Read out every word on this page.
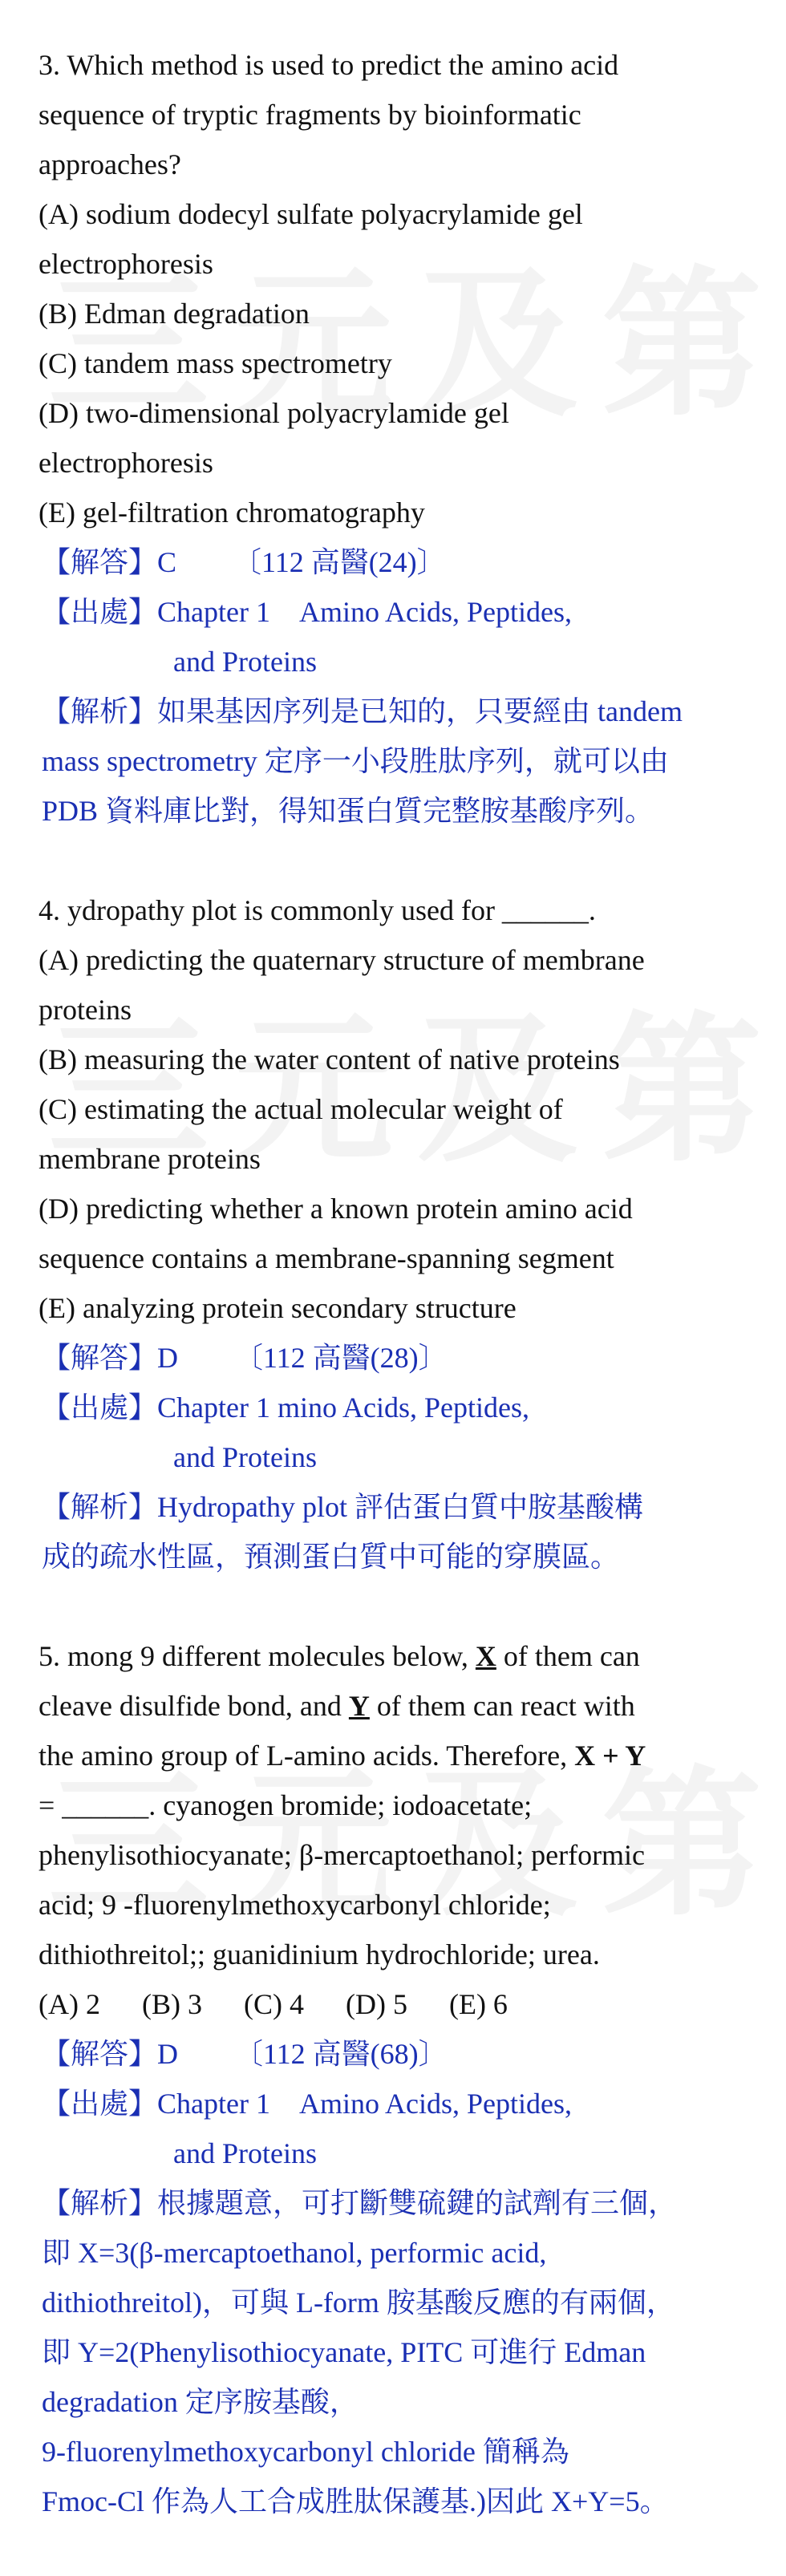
3. Which method is used to predict the amino acid
sequence of tryptic fragments by bioinformatic
approaches?
(A) sodium dodecyl sulfate polyacrylamide gel
electrophoresis
(B) Edman degradation
(C) tandem mass spectrometry
(D) two-dimensional polyacrylamide gel
electrophoresis
(E) gel-filtration chromatography
【解答】 C 〔112 高醫(24)〕
【出處】 Chapter 1　Amino Acids, Peptides,
and Proteins
【解析】如果基因序列是已知的，只要經由 tandem
mass spectrometry 定序一小段胜肽序列，就可以由
PDB 資料庫比對，得知蛋白質完整胺基酸序列。
4. ydropathy plot is commonly used for ______.
(A) predicting the quaternary structure of membrane
proteins
(B) measuring the water content of native proteins
(C) estimating the actual molecular weight of
membrane proteins
(D) predicting whether a known protein amino acid
sequence contains a membrane-spanning segment
(E) analyzing protein secondary structure
【解答】 D 〔112 高醫(28)〕
【出處】 Chapter 1 mino Acids, Peptides,
and Proteins
【解析】Hydropathy plot 評估蛋白質中胺基酸構
成的疏水性區，預測蛋白質中可能的穿膜區。
5. mong 9 different molecules below, X of them can
cleave disulfide bond, and Y of them can react with
the amino group of L-amino acids. Therefore, X + Y
= ______. cyanogen bromide; iodoacetate;
phenylisothiocyanate; β-mercaptoethanol; performic
acid; 9 -fluorenylmethoxycarbonyl chloride;
dithiothreitol;; guanidinium hydrochloride; urea.
(A) 2 (B) 3 (C) 4 (D) 5 (E) 6
【解答】 D 〔112 高醫(68)〕
【出處】 Chapter 1　Amino Acids, Peptides,
and Proteins
【解析】根據題意，可打斷雙硫鍵的試劑有三個，
即 X=3(β-mercaptoethanol, performic acid,
dithiothreitol)，可與 L-form 胺基酸反應的有兩個，
即 Y=2(Phenylisothiocyanate, PITC 可進行 Edman
degradation 定序胺基酸，
9-fluorenylmethoxycarbonyl chloride 簡稱為
Fmoc-Cl 作為人工合成胜肽保護基.)因此 X+Y=5。
